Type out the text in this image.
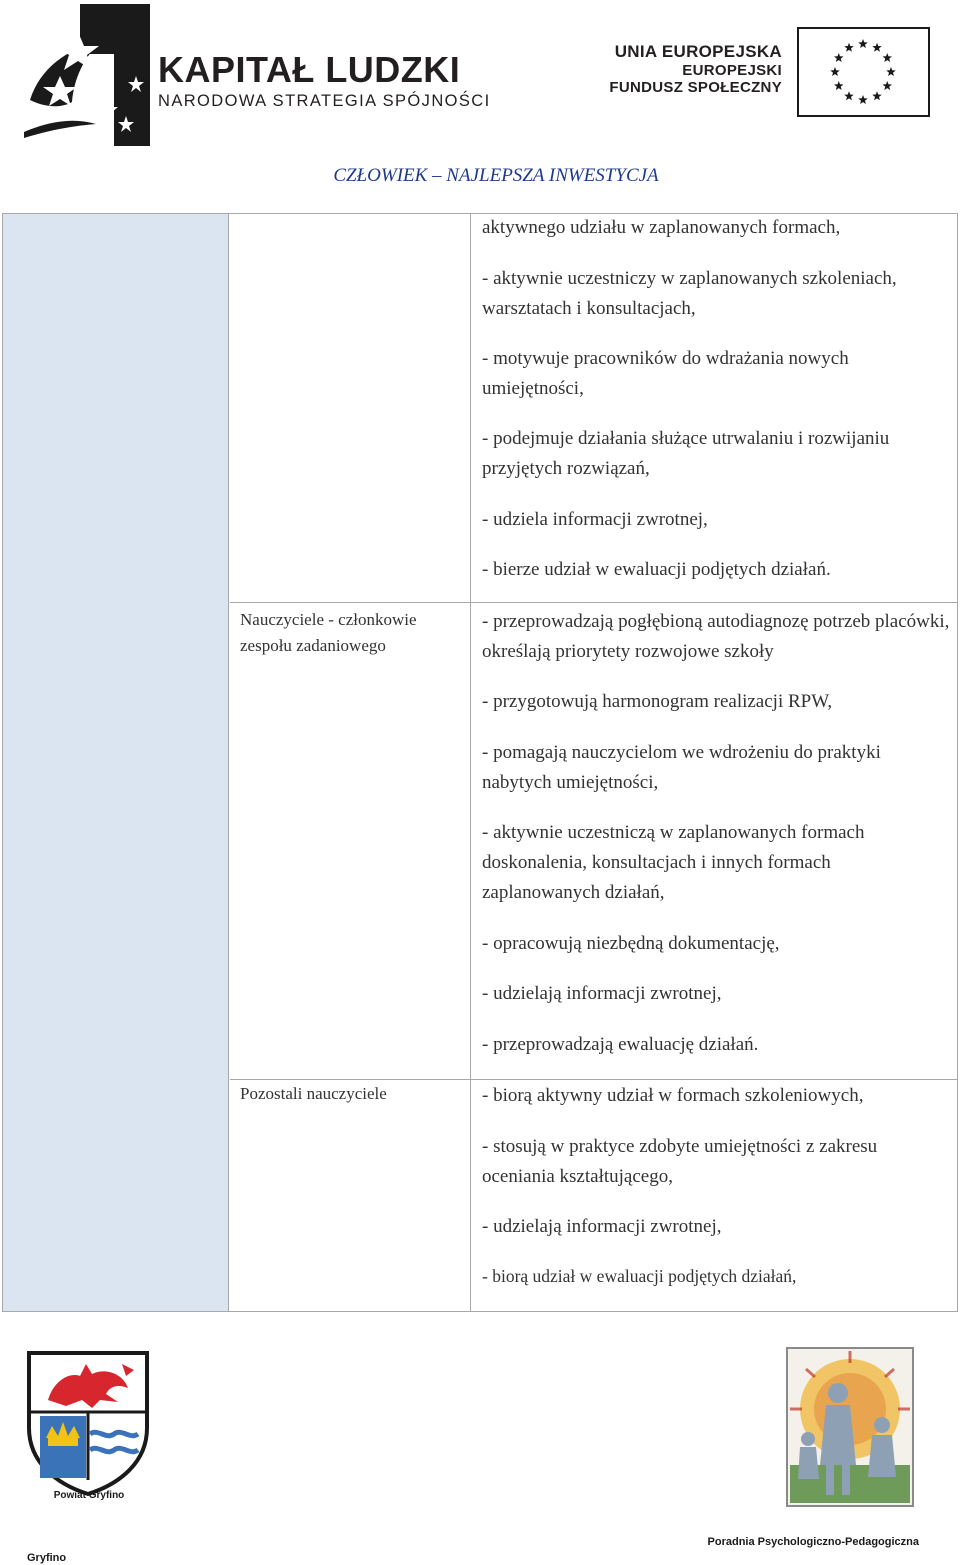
KAPITAŁ LUDZKI
NARODOWA STRATEGIA SPÓJNOŚCI
UNIA EUROPEJSKA
EUROPEJSKI
FUNDUSZ SPOŁECZNY
CZŁOWIEK – NAJLEPSZA INWESTYCJA
aktywnego udziału w zaplanowanych formach,
- aktywnie uczestniczy w zaplanowanych szkoleniach, warsztatach i konsultacjach,
- motywuje pracowników do wdrażania nowych umiejętności,
- podejmuje działania służące utrwalaniu i rozwijaniu przyjętych rozwiązań,
- udziela informacji zwrotnej,
- bierze udział w ewaluacji podjętych działań.
Nauczyciele - członkowie zespołu zadaniowego
- przeprowadzają pogłębioną autodiagnozę potrzeb placówki, określają priorytety rozwojowe szkoły
- przygotowują harmonogram realizacji RPW,
- pomagają nauczycielom we wdrożeniu do praktyki nabytych umiejętności,
- aktywnie uczestniczą w zaplanowanych formach doskonalenia, konsultacjach i innych formach zaplanowanych działań,
- opracowują niezbędną dokumentację,
- udzielają informacji zwrotnej,
- przeprowadzają ewaluację działań.
Pozostali nauczyciele	- biorą aktywny udział w formach szkoleniowych,
- stosują w praktyce zdobyte umiejętności z zakresu oceniania kształtującego,
- udzielają informacji zwrotnej,
- biorą udział w ewaluacji podjętych działań,
Powiat Gryfino
Gryfino
Poradnia Psychologiczno-Pedagogiczna
